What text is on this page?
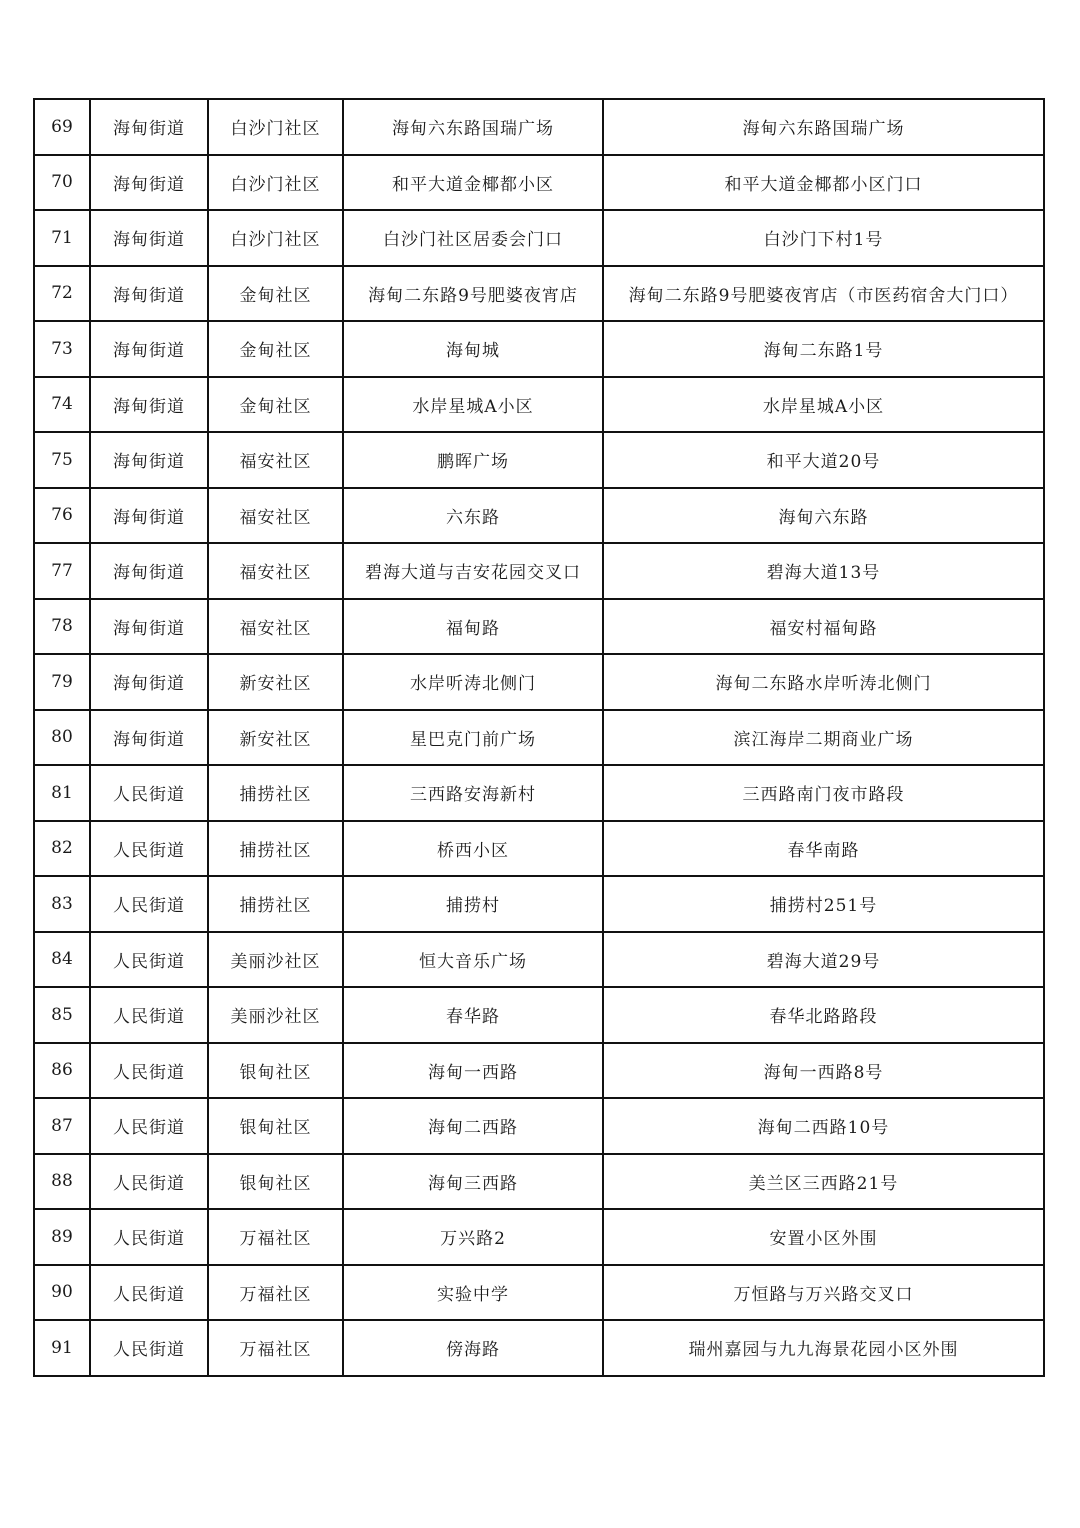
69	海甸街道	白沙门社区	海甸六东路国瑞广场	海甸六东路国瑞广场
70	海甸街道	白沙门社区	和平大道金椰都小区	和平大道金椰都小区门口
71	海甸街道	白沙门社区	白沙门社区居委会门口	白沙门下村1号
72	海甸街道	金甸社区	海甸二东路9号肥婆夜宵店	海甸二东路9号肥婆夜宵店（市医药宿舍大门口）
73	海甸街道	金甸社区	海甸城	海甸二东路1号
74	海甸街道	金甸社区	水岸星城A小区	水岸星城A小区
75	海甸街道	福安社区	鹏晖广场	和平大道20号
76	海甸街道	福安社区	六东路	海甸六东路
77	海甸街道	福安社区	碧海大道与吉安花园交叉口	碧海大道13号
78	海甸街道	福安社区	福甸路	福安村福甸路
79	海甸街道	新安社区	水岸听涛北侧门	海甸二东路水岸听涛北侧门
80	海甸街道	新安社区	星巴克门前广场	滨江海岸二期商业广场
81	人民街道	捕捞社区	三西路安海新村	三西路南门夜市路段
82	人民街道	捕捞社区	桥西小区	春华南路
83	人民街道	捕捞社区	捕捞村	捕捞村251号
84	人民街道	美丽沙社区	恒大音乐广场	碧海大道29号
85	人民街道	美丽沙社区	春华路	春华北路路段
86	人民街道	银甸社区	海甸一西路	海甸一西路8号
87	人民街道	银甸社区	海甸二西路	海甸二西路10号
88	人民街道	银甸社区	海甸三西路	美兰区三西路21号
89	人民街道	万福社区	万兴路2	安置小区外围
90	人民街道	万福社区	实验中学	万恒路与万兴路交叉口
91	人民街道	万福社区	傍海路	瑞州嘉园与九九海景花园小区外围
